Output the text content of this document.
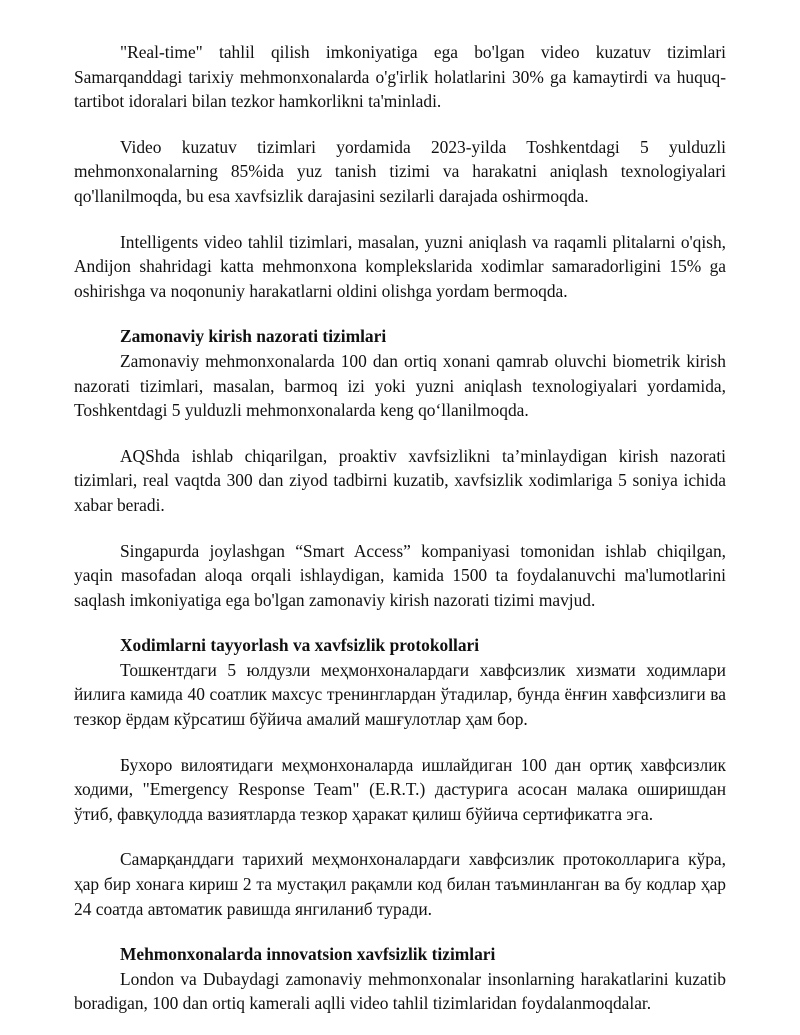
"Real-time" tahlil qilish imkoniyatiga ega bo'lgan video kuzatuv tizimlari Samarqanddagi tarixiy mehmonxonalarda o'g'irlik holatlarini 30% ga kamaytirdi va huquq-tartibot idoralari bilan tezkor hamkorlikni ta'minladi.

Video kuzatuv tizimlari yordamida 2023-yilda Toshkentdagi 5 yulduzli mehmonxonalarning 85%ida yuz tanish tizimi va harakatni aniqlash texnologiyalari qo'llanilmoqda, bu esa xavfsizlik darajasini sezilarli darajada oshirmoqda.

Intelligents video tahlil tizimlari, masalan, yuzni aniqlash va raqamli plitalarni o'qish, Andijon shahridagi katta mehmonxona komplekslarida xodimlar samaradorligini 15% ga oshirishga va noqonuniy harakatlarni oldini olishga yordam bermoqda.

Zamonaviy kirish nazorati tizimlari

Zamonaviy mehmonxonalarda 100 dan ortiq xonani qamrab oluvchi biometrik kirish nazorati tizimlari, masalan, barmoq izi yoki yuzni aniqlash texnologiyalari yordamida, Toshkentdagi 5 yulduzli mehmonxonalarda keng qo‘llanilmoqda.

AQShda ishlab chiqarilgan, proaktiv xavfsizlikni ta’minlaydigan kirish nazorati tizimlari, real vaqtda 300 dan ziyod tadbirni kuzatib, xavfsizlik xodimlariga 5 soniya ichida xabar beradi.

Singapurda joylashgan “Smart Access” kompaniyasi tomonidan ishlab chiqilgan, yaqin masofadan aloqa orqali ishlaydigan, kamida 1500 ta foydalanuvchi ma'lumotlarini saqlash imkoniyatiga ega bo'lgan zamonaviy kirish nazorati tizimi mavjud.

Xodimlarni tayyorlash va xavfsizlik protokollari

Тошкентдаги 5 юлдузли меҳмонхоналардаги хавфсизлик хизмати ходимлари йилига камида 40 соатлик махсус тренинглардан ўтадилар, бунда ёнғин хавфсизлиги ва тезкор ёрдам кўрсатиш бўйича амалий машғулотлар ҳам бор.

Бухоро вилоятидаги меҳмонхоналарда ишлайдиган 100 дан ортиқ хавфсизлик ходими, "Emergency Response Team" (E.R.T.) дастурига асосан малака оширишдан ўтиб, фавқулодда вазиятларда тезкор ҳаракат қилиш бўйича сертификатга эга.

Самарқанддаги тарихий меҳмонхоналардаги хавфсизлик протоколларига кўра, ҳар бир хонага кириш 2 та мустақил рақамли код билан таъминланган ва бу кодлар ҳар 24 соатда автоматик равишда янгиланиб туради.

Mehmonxonalarda innovatsion xavfsizlik tizimlari

London va Dubaydagi zamonaviy mehmonxonalar insonlarning harakatlarini kuzatib boradigan, 100 dan ortiq kamerali aqlli video tahlil tizimlaridan foydalanmoqdalar.
